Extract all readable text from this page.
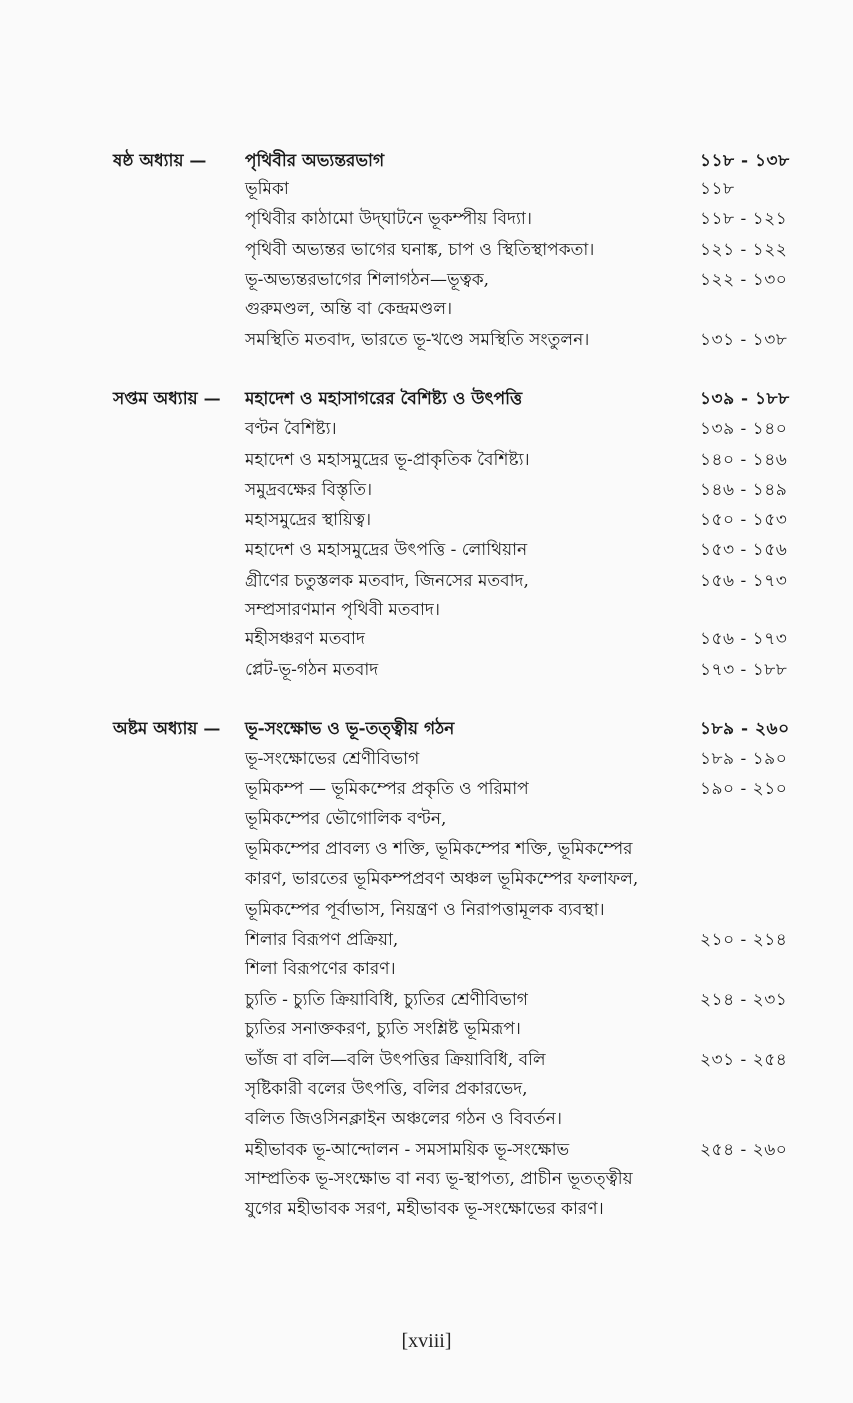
ষষ্ঠ অধ্যায় — পৃথিবীর অভ্যন্তরভাগ	১১৮ - ১৩৮
ভূমিকা	১১৮
পৃথিবীর কাঠামো উদ্‌ঘাটনে ভূকম্পীয় বিদ্যা।	১১৮ - ১২১
পৃথিবী অভ্যন্তর ভাগের ঘনাঙ্ক, চাপ ও স্থিতিস্থাপকতা।	১২১ - ১২২
ভূ-অভ্যন্তরভাগের শিলাগঠন—ভূত্বক,	১২২ - ১৩০
গুরুমণ্ডল, অন্তি বা কেন্দ্রমণ্ডল।
সমস্থিতি মতবাদ, ভারতে ভূ-খণ্ডে সমস্থিতি সংতুলন।	১৩১ - ১৩৮
সপ্তম অধ্যায় — মহাদেশ ও মহাসাগরের বৈশিষ্ট্য ও উৎপত্তি	১৩৯ - ১৮৮
বণ্টন বৈশিষ্ট্য।	১৩৯ - ১৪০
মহাদেশ ও মহাসমুদ্রের ভূ-প্রাকৃতিক বৈশিষ্ট্য।	১৪০ - ১৪৬
সমুদ্রবক্ষের বিস্তৃতি।	১৪৬ - ১৪৯
মহাসমুদ্রের স্থায়িত্ব।	১৫০ - ১৫৩
মহাদেশ ও মহাসমুদ্রের উৎপত্তি - লোথিয়ান	১৫৩ - ১৫৬
গ্রীণের চতুস্তলক মতবাদ, জিনসের মতবাদ,	১৫৬ - ১৭৩
সম্প্রসারণমান পৃথিবী মতবাদ।
মহীসঞ্চরণ মতবাদ	১৫৬ - ১৭৩
প্লেট-ভূ-গঠন মতবাদ	১৭৩ - ১৮৮
অষ্টম অধ্যায় — ভূ-সংক্ষোভ ও ভূ-তত্ত্বীয় গঠন	১৮৯ - ২৬০
ভূ-সংক্ষোভের শ্রেণীবিভাগ	১৮৯ - ১৯০
ভূমিকম্প — ভূমিকম্পের প্রকৃতি ও পরিমাপ	১৯০ - ২১০
ভূমিকম্পের ভৌগোলিক বণ্টন,
ভূমিকম্পের প্রাবল্য ও শক্তি, ভূমিকম্পের শক্তি, ভূমিকম্পের
কারণ, ভারতের ভূমিকম্পপ্রবণ অঞ্চল ভূমিকম্পের ফলাফল,
ভূমিকম্পের পূর্বাভাস, নিয়ন্ত্রণ ও নিরাপত্তামূলক ব্যবস্থা।
শিলার বিরূপণ প্রক্রিয়া,	২১০ - ২১৪
শিলা বিরূপণের কারণ।
চ্যুতি - চ্যুতি ক্রিয়াবিধি, চ্যুতির শ্রেণীবিভাগ	২১৪ - ২৩১
চ্যুতির সনাক্তকরণ, চ্যুতি সংশ্লিষ্ট ভূমিরূপ।
ভাঁজ বা বলি—বলি উৎপত্তির ক্রিয়াবিধি, বলি	২৩১ - ২৫৪
সৃষ্টিকারী বলের উৎপত্তি, বলির প্রকারভেদ,
বলিত জিওসিনক্লাইন অঞ্চলের গঠন ও বিবর্তন।
মহীভাবক ভূ-আন্দোলন - সমসাময়িক ভূ-সংক্ষোভ	২৫৪ - ২৬০
সাম্প্রতিক ভূ-সংক্ষোভ বা নব্য ভূ-স্থাপত্য, প্রাচীন ভূতত্ত্বীয়
যুগের মহীভাবক সরণ, মহীভাবক ভূ-সংক্ষোভের কারণ।
[xviii]
